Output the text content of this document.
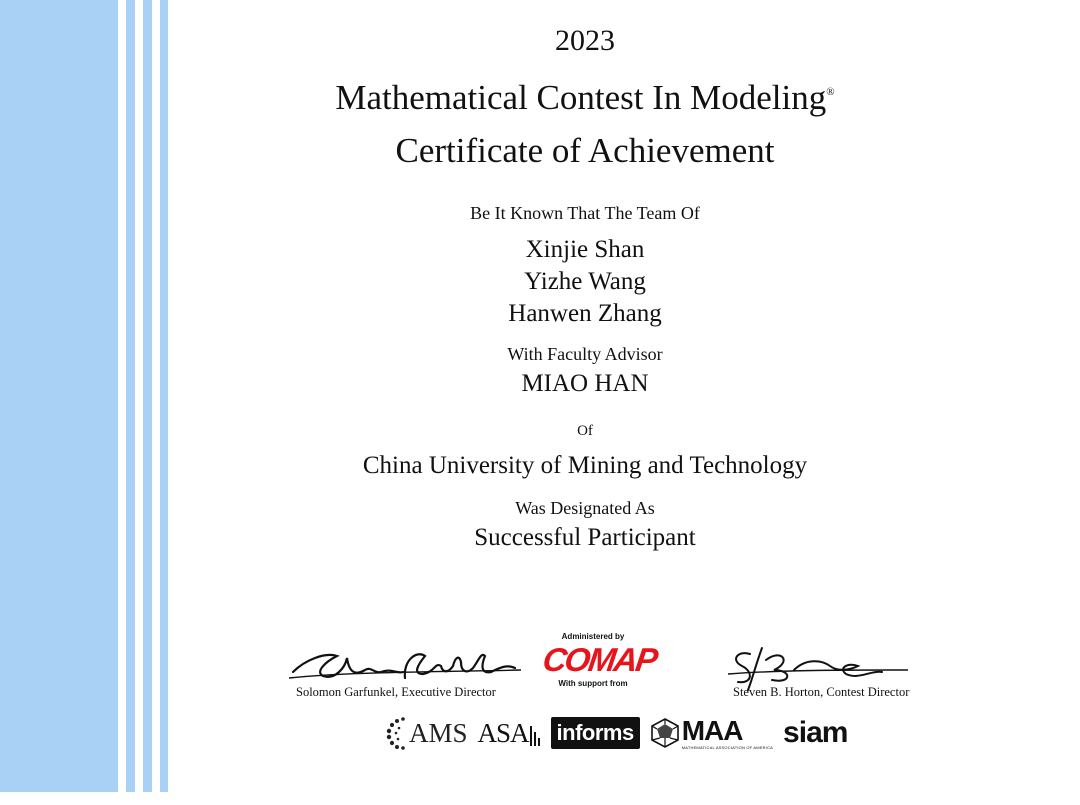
2023
Mathematical Contest In Modeling®
Certificate of Achievement
Be It Known That The Team Of
Xinjie Shan
Yizhe Wang
Hanwen Zhang
With Faculty Advisor
MIAO HAN
Of
China University of Mining and Technology
Was Designated As
Successful Participant
Solomon Garfunkel, Executive Director	Steven B. Horton, Contest Director
Administered by
COMAP
With support from
AMS ASA informs MAA
MATHEMATICAL ASSOCIATION OF AMERICA siam
